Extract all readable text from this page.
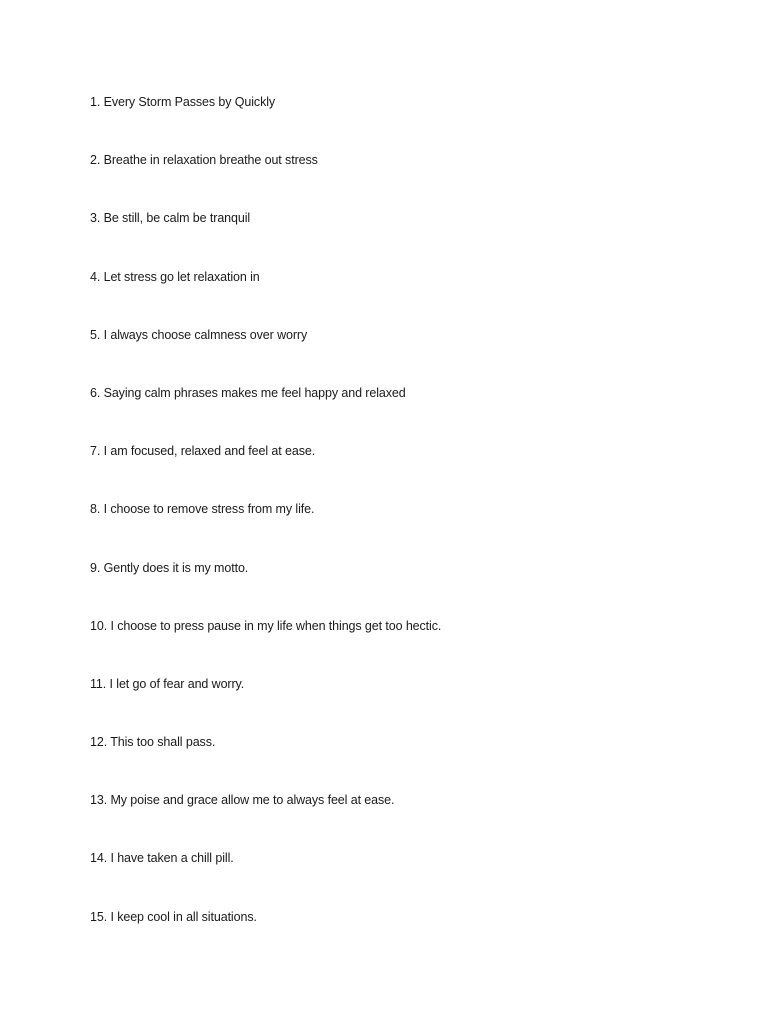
1. Every Storm Passes by Quickly
2. Breathe in relaxation breathe out stress
3. Be still, be calm be tranquil
4. Let stress go let relaxation in
5. I always choose calmness over worry
6. Saying calm phrases makes me feel happy and relaxed
7. I am focused, relaxed and feel at ease.
8. I choose to remove stress from my life.
9. Gently does it is my motto.
10. I choose to press pause in my life when things get too hectic.
11. I let go of fear and worry.
12. This too shall pass.
13. My poise and grace allow me to always feel at ease.
14. I have taken a chill pill.
15. I keep cool in all situations.
